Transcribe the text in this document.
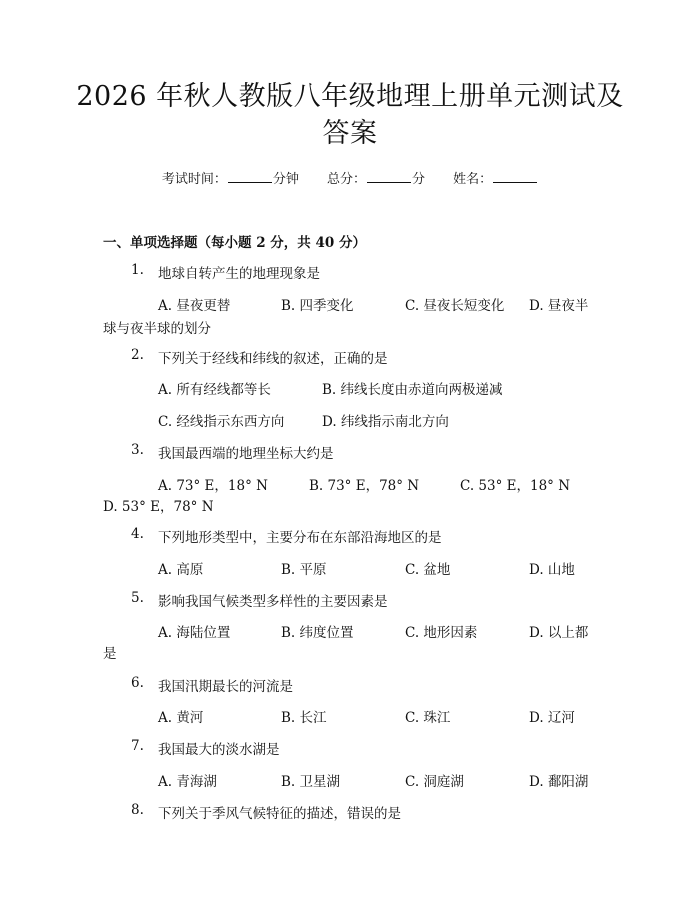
2026 年秋人教版八年级地理上册单元测试及
答案
考试时间：	分钟 总分：	分 姓名：
一、单项选择题（每小题 2 分，共 40 分）
1. 地球自转产生的地理现象是
A. 昼夜更替	B. 四季变化	C. 昼夜长短变化 D. 昼夜半
球与夜半球的划分
2. 下列关于经线和纬线的叙述，正确的是
A. 所有经线都等长	B. 纬线长度由赤道向两极递减
C. 经线指示东西方向	D. 纬线指示南北方向
3. 我国最西端的地理坐标大约是
A. 73° E，18° N	B. 73° E，78° N	C. 53° E，18° N
D. 53° E，78° N
4. 下列地形类型中，主要分布在东部沿海地区的是
A. 高原	B. 平原	C. 盆地	D. 山地
5. 影响我国气候类型多样性的主要因素是
A. 海陆位置	B. 纬度位置	C. 地形因素	D. 以上都
是
6. 我国汛期最长的河流是
A. 黄河	B. 长江	C. 珠江	D. 辽河
7. 我国最大的淡水湖是
A. 青海湖	B. 卫星湖	C. 洞庭湖	D. 鄱阳湖
8. 下列关于季风气候特征的描述，错误的是
